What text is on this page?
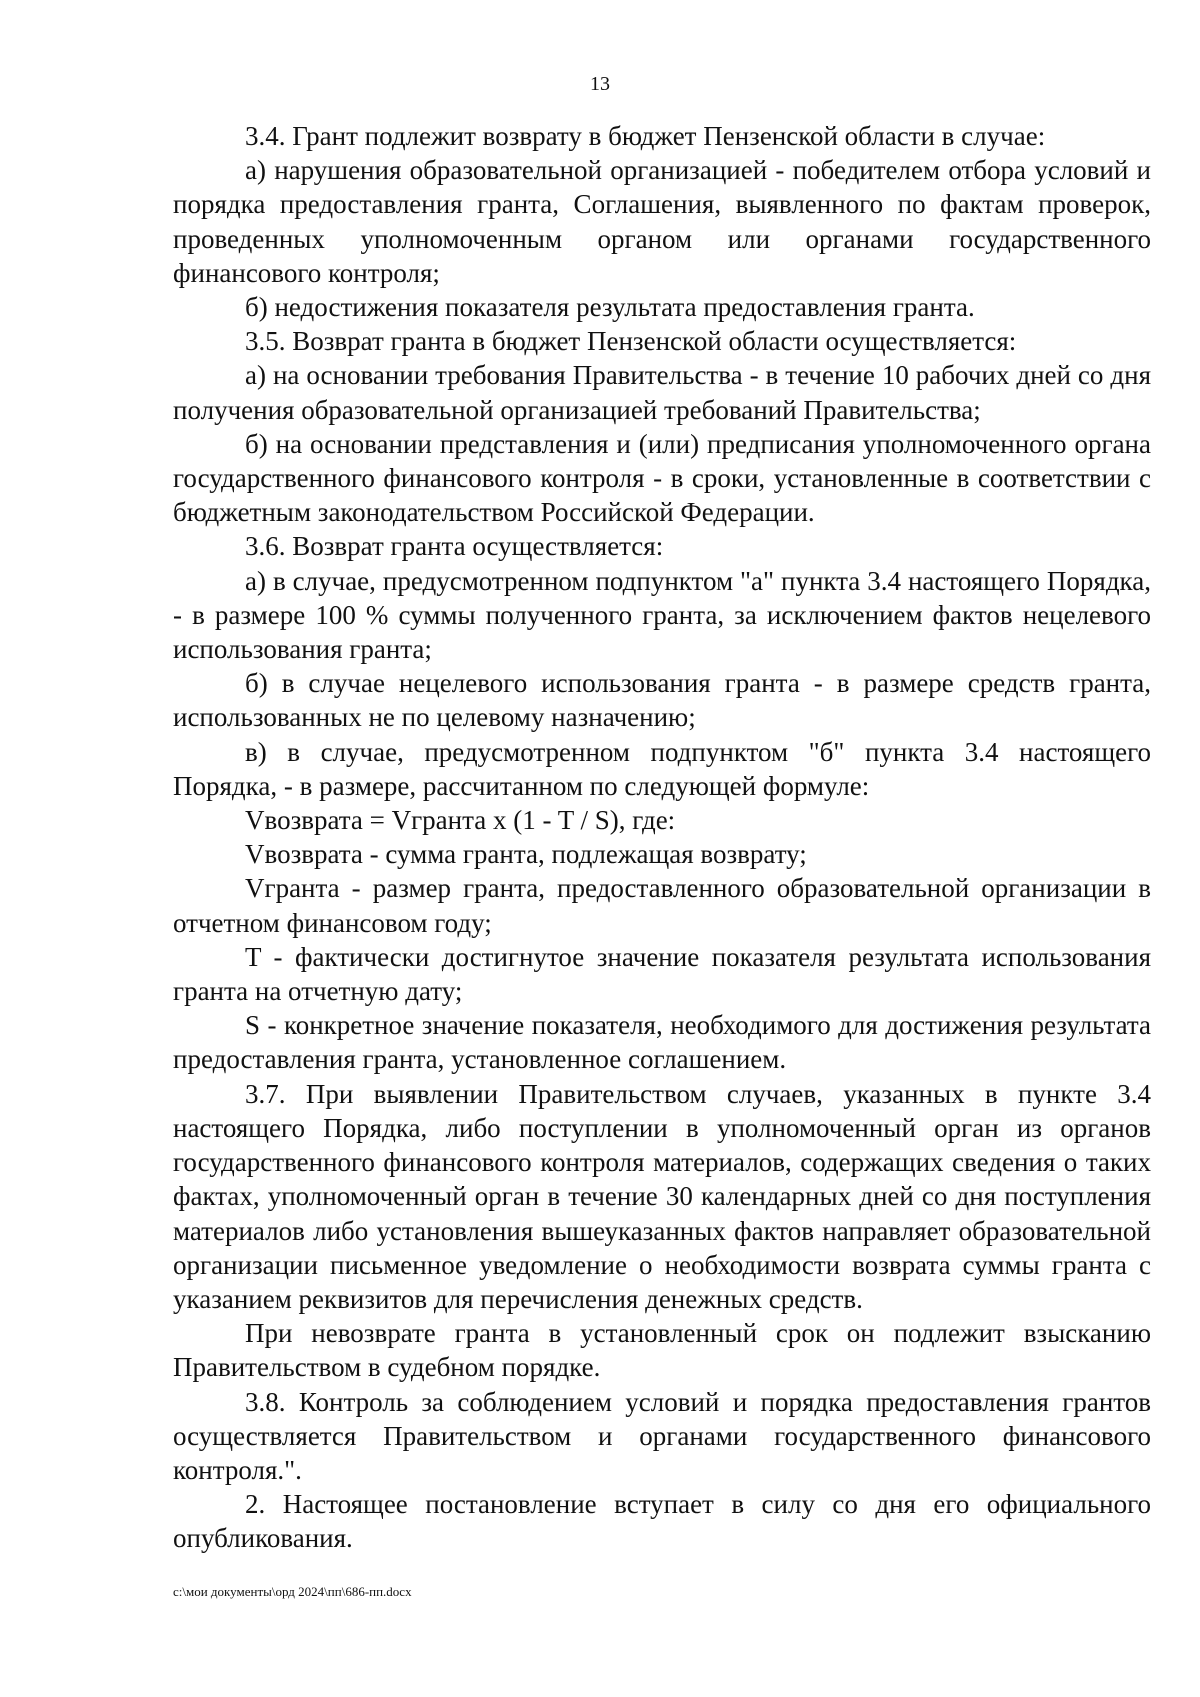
13

3.4. Грант подлежит возврату в бюджет Пензенской области в случае:

а) нарушения образовательной организацией - победителем отбора условий и порядка предоставления гранта, Соглашения, выявленного по фактам проверок, проведенных уполномоченным органом или органами государственного финансового контроля;

б) недостижения показателя результата предоставления гранта.

3.5. Возврат гранта в бюджет Пензенской области осуществляется:

а) на основании требования Правительства - в течение 10 рабочих дней со дня получения образовательной организацией требований Правительства;

б) на основании представления и (или) предписания уполномоченного органа государственного финансового контроля - в сроки, установленные в соответствии с бюджетным законодательством Российской Федерации.

3.6. Возврат гранта осуществляется:

а) в случае, предусмотренном подпунктом "а" пункта 3.4 настоящего Порядка, - в размере 100 % суммы полученного гранта, за исключением фактов нецелевого использования гранта;

б) в случае нецелевого использования гранта - в размере средств гранта, использованных не по целевому назначению;

в) в случае, предусмотренном подпунктом "б" пункта 3.4 настоящего Порядка, - в размере, рассчитанном по следующей формуле:

Vвозврата = Vгранта x (1 - T / S), где:

Vвозврата - сумма гранта, подлежащая возврату;

Vгранта - размер гранта, предоставленного образовательной организации в отчетном финансовом году;

T - фактически достигнутое значение показателя результата использования гранта на отчетную дату;

S - конкретное значение показателя, необходимого для достижения результата предоставления гранта, установленное соглашением.

3.7. При выявлении Правительством случаев, указанных в пункте 3.4 настоящего Порядка, либо поступлении в уполномоченный орган из органов государственного финансового контроля материалов, содержащих сведения о таких фактах, уполномоченный орган в течение 30 календарных дней со дня поступления материалов либо установления вышеуказанных фактов направляет образовательной организации письменное уведомление о необходимости возврата суммы гранта с указанием реквизитов для перечисления денежных средств.

При невозврате гранта в установленный срок он подлежит взысканию Правительством в судебном порядке.

3.8. Контроль за соблюдением условий и порядка предоставления грантов осуществляется Правительством и органами государственного финансового контроля.".

2. Настоящее постановление вступает в силу со дня его официального опубликования.

c:\мои документы\орд 2024\пп\686-пп.docx
